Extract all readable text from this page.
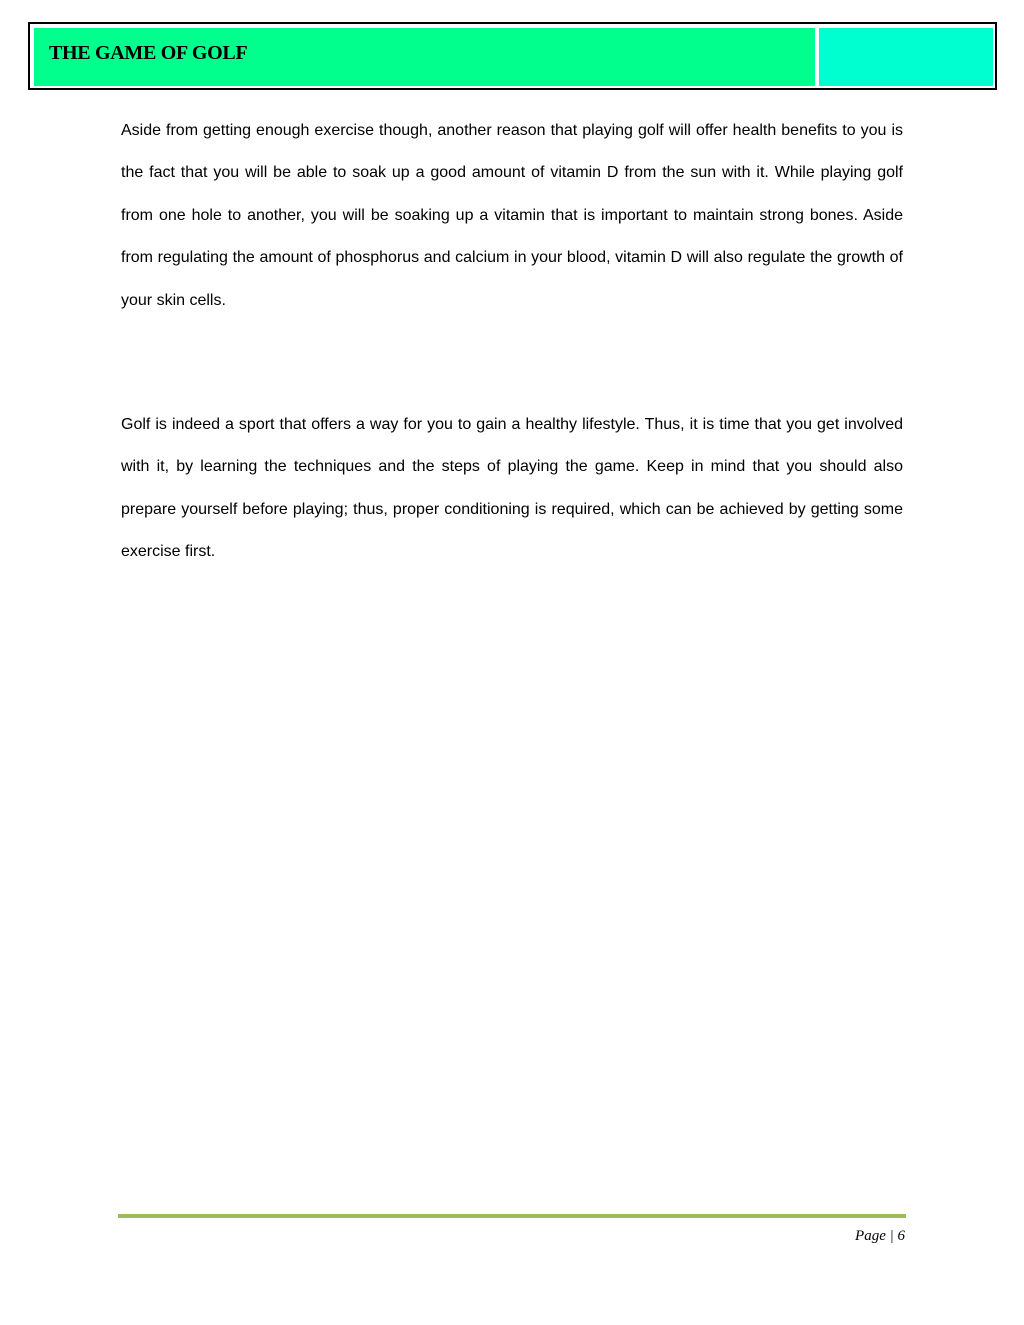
THE GAME OF GOLF

Aside from getting enough exercise though, another reason that playing golf will offer health benefits to you is the fact that you will be able to soak up a good amount of vitamin D from the sun with it. While playing golf from one hole to another, you will be soaking up a vitamin that is important to maintain strong bones. Aside from regulating the amount of phosphorus and calcium in your blood, vitamin D will also regulate the growth of your skin cells.

Golf is indeed a sport that offers a way for you to gain a healthy lifestyle. Thus, it is time that you get involved with it, by learning the techniques and the steps of playing the game. Keep in mind that you should also prepare yourself before playing; thus, proper conditioning is required, which can be achieved by getting some exercise first.

Page | 6
